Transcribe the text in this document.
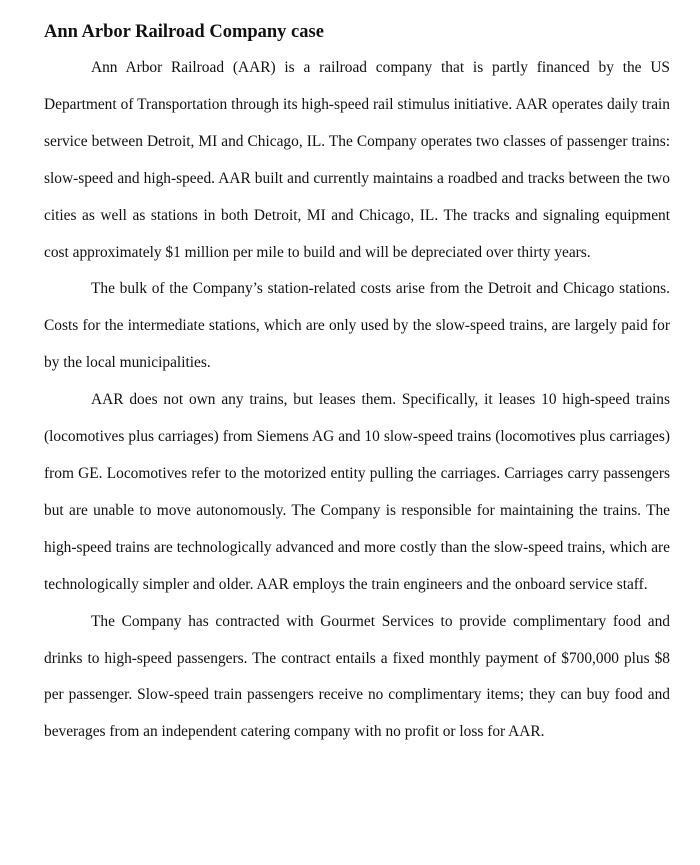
Ann Arbor Railroad Company case

Ann Arbor Railroad (AAR) is a railroad company that is partly financed by the US Department of Transportation through its high-speed rail stimulus initiative. AAR operates daily train service between Detroit, MI and Chicago, IL. The Company operates two classes of passenger trains: slow-speed and high-speed. AAR built and currently maintains a roadbed and tracks between the two cities as well as stations in both Detroit, MI and Chicago, IL. The tracks and signaling equipment cost approximately $1 million per mile to build and will be depreciated over thirty years.

The bulk of the Company’s station-related costs arise from the Detroit and Chicago stations. Costs for the intermediate stations, which are only used by the slow-speed trains, are largely paid for by the local municipalities.

AAR does not own any trains, but leases them. Specifically, it leases 10 high-speed trains (locomotives plus carriages) from Siemens AG and 10 slow-speed trains (locomotives plus carriages) from GE. Locomotives refer to the motorized entity pulling the carriages. Carriages carry passengers but are unable to move autonomously. The Company is responsible for maintaining the trains. The high-speed trains are technologically advanced and more costly than the slow-speed trains, which are technologically simpler and older. AAR employs the train engineers and the onboard service staff.

The Company has contracted with Gourmet Services to provide complimentary food and drinks to high-speed passengers. The contract entails a fixed monthly payment of $700,000 plus $8 per passenger. Slow-speed train passengers receive no complimentary items; they can buy food and beverages from an independent catering company with no profit or loss for AAR.
